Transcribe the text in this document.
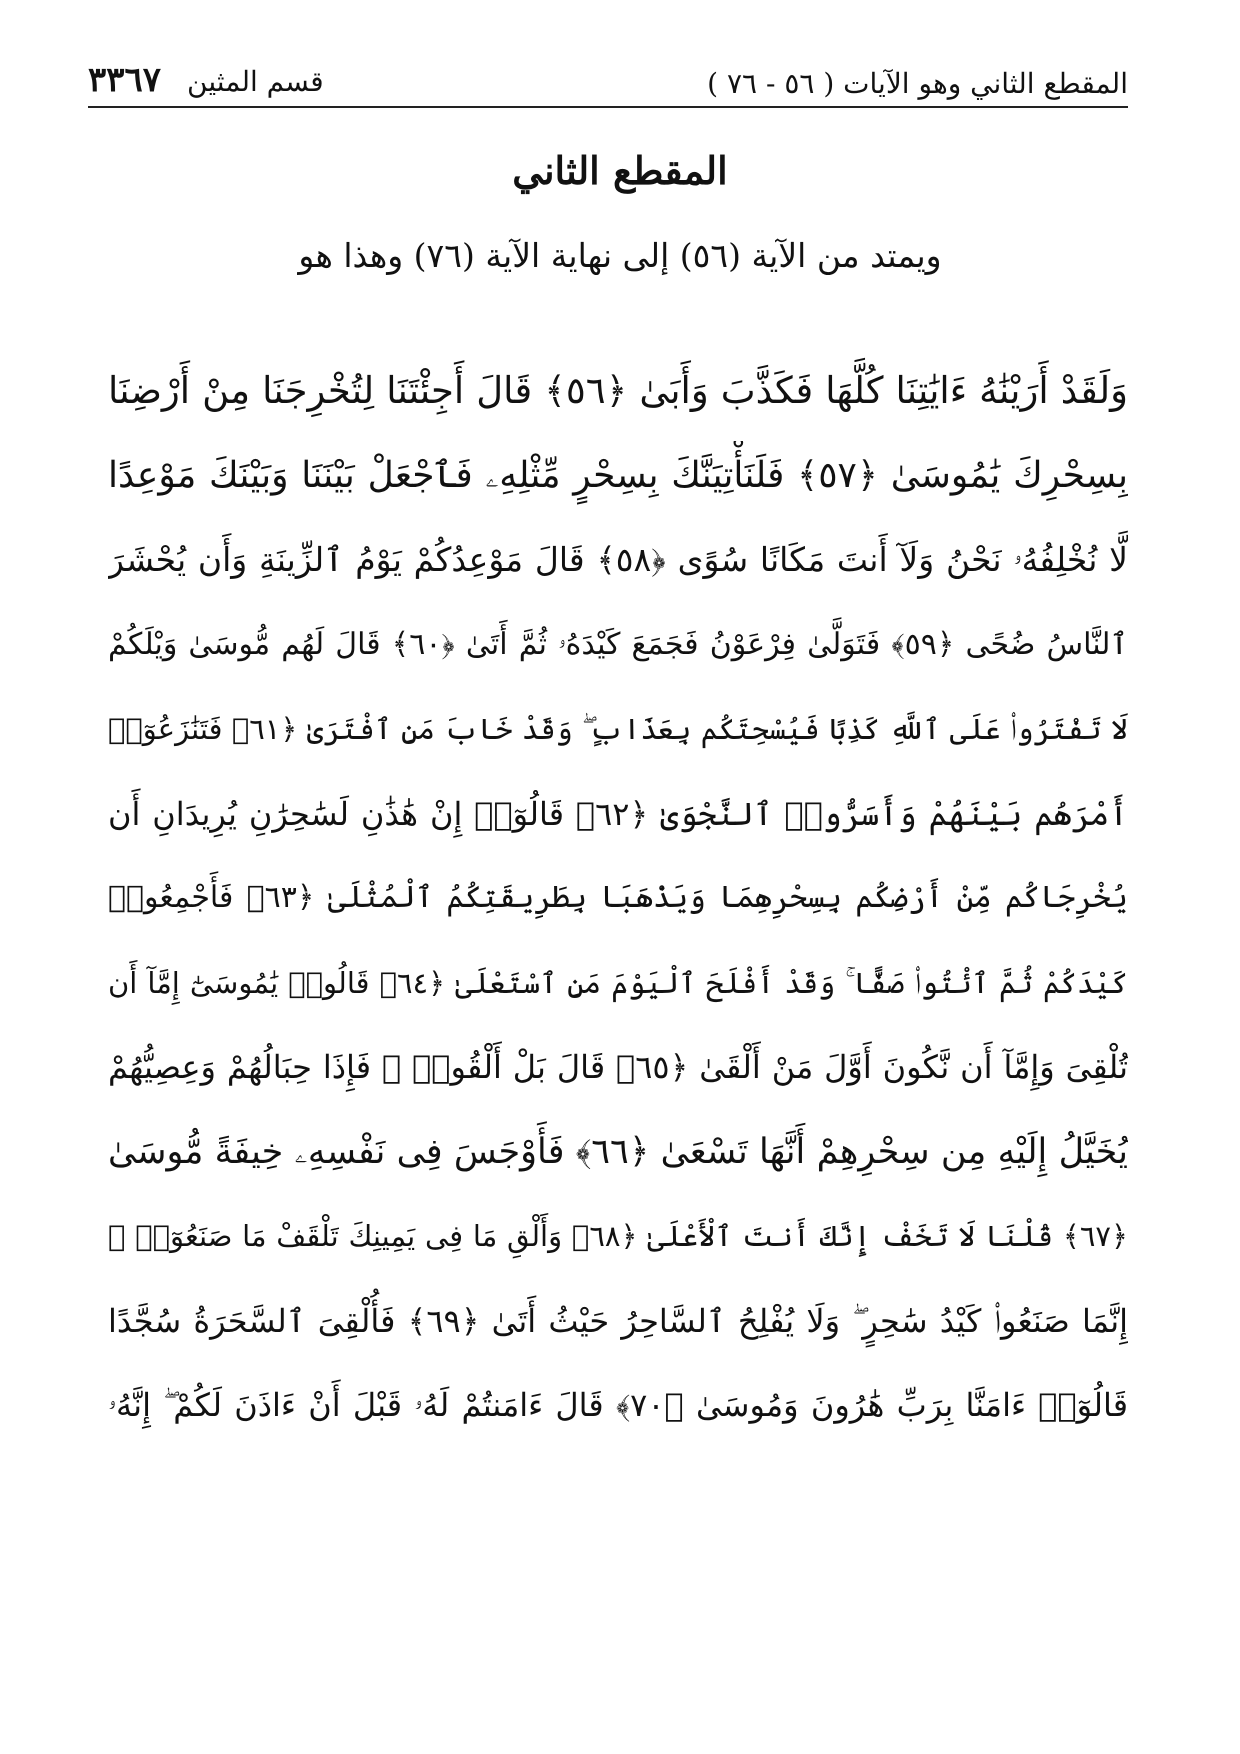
المقطع الثاني وهو الآيات ( ٥٦ - ٧٦ )
قسم المثين
٣٣٦٧
المقطع الثاني
ويمتد من الآية (٥٦) إلى نهاية الآية (٧٦) وهذا هو
وَلَقَدْ أَرَيْنَٰهُ ءَايَٰتِنَا كُلَّهَا فَكَذَّبَ وَأَبَىٰ ﴿٥٦﴾ قَالَ أَجِئْتَنَا لِتُخْرِجَنَا مِنْ أَرْضِنَا
بِسِحْرِكَ يَٰمُوسَىٰ ﴿٥٧﴾ فَلَنَأْتِيَنَّكَ بِسِحْرٍ مِّثْلِهِۦ فَٱجْعَلْ بَيْنَنَا وَبَيْنَكَ مَوْعِدًا
لَّا نُخْلِفُهُۥ نَحْنُ وَلَآ أَنتَ مَكَانًا سُوًى ﴿٥٨﴾ قَالَ مَوْعِدُكُمْ يَوْمُ ٱلزِّينَةِ وَأَن يُحْشَرَ
ٱلنَّاسُ ضُحًى ﴿٥٩﴾ فَتَوَلَّىٰ فِرْعَوْنُ فَجَمَعَ كَيْدَهُۥ ثُمَّ أَتَىٰ ﴿٦٠﴾ قَالَ لَهُم مُّوسَىٰ وَيْلَكُمْ
لَا تَفْتَرُوا۟ عَلَى ٱللَّهِ كَذِبًا فَيُسْحِتَكُم بِعَذَابٍ ۖ وَقَدْ خَابَ مَنِ ٱفْتَرَىٰ ﴿٦١﴾ فَتَنَٰزَعُوٓا۟
أَمْرَهُم بَيْنَهُمْ وَأَسَرُّوا۟ ٱلنَّجْوَىٰ ﴿٦٢﴾ قَالُوٓا۟ إِنْ هَٰذَٰنِ لَسَٰحِرَٰنِ يُرِيدَانِ أَن
يُخْرِجَاكُم مِّنْ أَرْضِكُم بِسِحْرِهِمَا وَيَذْهَبَا بِطَرِيقَتِكُمُ ٱلْمُثْلَىٰ ﴿٦٣﴾ فَأَجْمِعُوا۟
كَيْدَكُمْ ثُمَّ ٱئْتُوا۟ صَفًّا ۚ وَقَدْ أَفْلَحَ ٱلْيَوْمَ مَنِ ٱسْتَعْلَىٰ ﴿٦٤﴾ قَالُوا۟ يَٰمُوسَىٰٓ إِمَّآ أَن
تُلْقِىَ وَإِمَّآ أَن نَّكُونَ أَوَّلَ مَنْ أَلْقَىٰ ﴿٦٥﴾ قَالَ بَلْ أَلْقُوا۟ ۖ فَإِذَا حِبَالُهُمْ وَعِصِيُّهُمْ
يُخَيَّلُ إِلَيْهِ مِن سِحْرِهِمْ أَنَّهَا تَسْعَىٰ ﴿٦٦﴾ فَأَوْجَسَ فِى نَفْسِهِۦ خِيفَةً مُّوسَىٰ
﴿٦٧﴾ قُلْنَا لَا تَخَفْ إِنَّكَ أَنتَ ٱلْأَعْلَىٰ ﴿٦٨﴾ وَأَلْقِ مَا فِى يَمِينِكَ تَلْقَفْ مَا صَنَعُوٓا۟ ۖ
إِنَّمَا صَنَعُوا۟ كَيْدُ سَٰحِرٍ ۖ وَلَا يُفْلِحُ ٱلسَّاحِرُ حَيْثُ أَتَىٰ ﴿٦٩﴾ فَأُلْقِىَ ٱلسَّحَرَةُ سُجَّدًا
قَالُوٓا۟ ءَامَنَّا بِرَبِّ هَٰرُونَ وَمُوسَىٰ ﴿٧٠﴾ قَالَ ءَامَنتُمْ لَهُۥ قَبْلَ أَنْ ءَاذَنَ لَكُمْ ۖ إِنَّهُۥ
